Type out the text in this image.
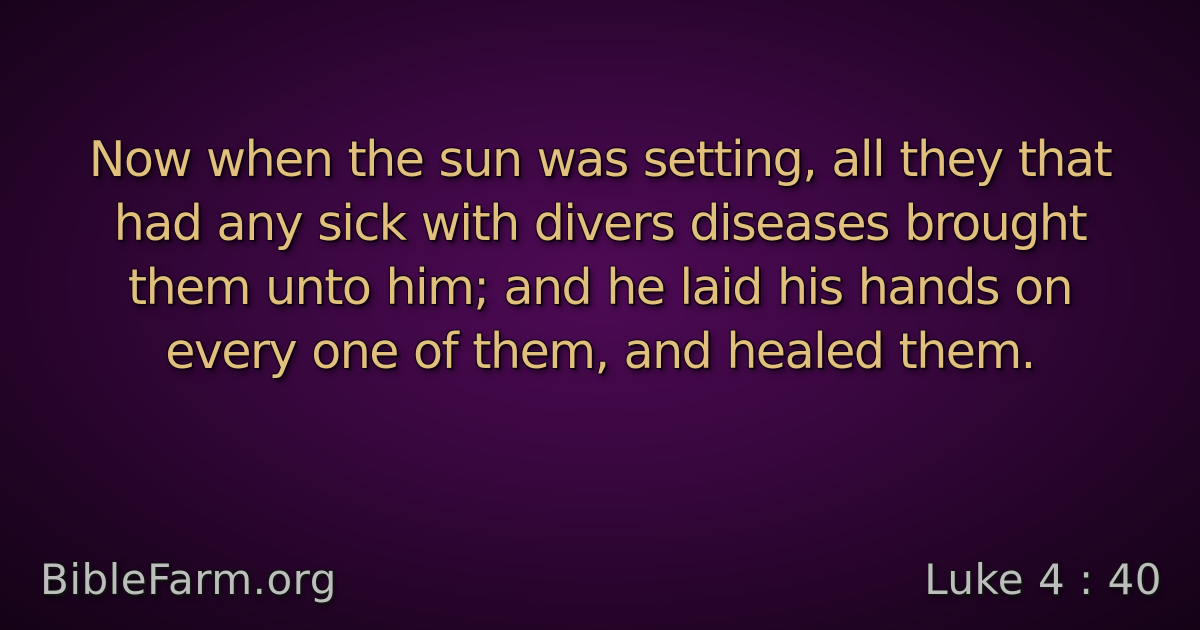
Now when the sun was setting, all they that
had any sick with divers diseases brought
them unto him; and he laid his hands on
every one of them, and healed them.
BibleFarm.org	Luke 4 : 40
